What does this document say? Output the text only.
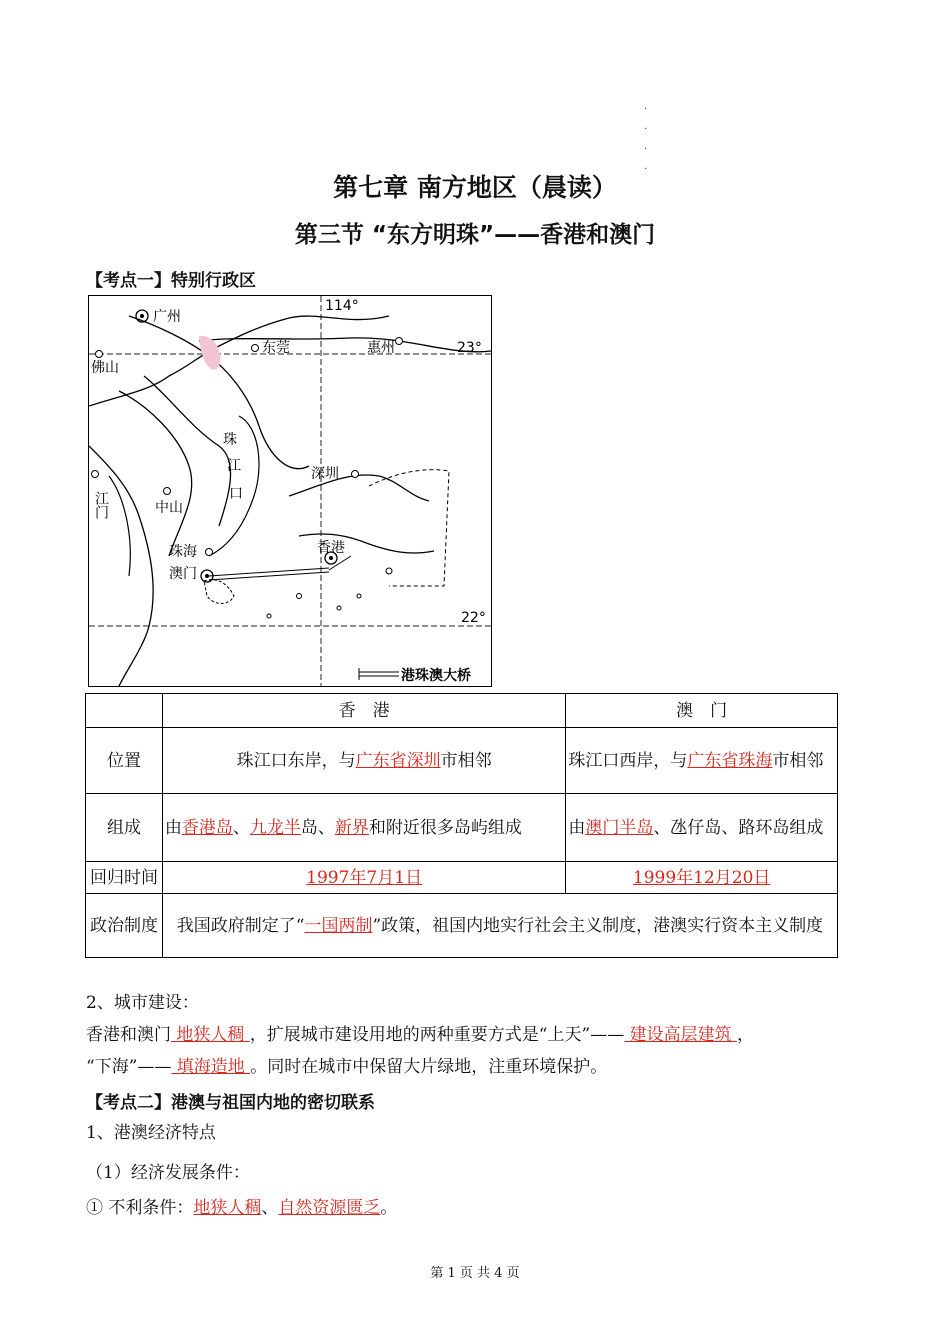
·
·
·
·
第七章 南方地区（晨读）
第三节 “东方明珠”——香港和澳门
【考点一】特别行政区
广州
东莞	惠州
佛山
江门	中山
珠海
澳门
香港
深圳
珠
江
口
114°
23°
22°
港珠澳大桥
	香　港	澳　门
位置	珠江口东岸，与广东省深圳市相邻	珠江口西岸，与广东省珠海市相邻
组成	由香港岛、九龙半岛、新界和附近很多岛屿组成	由澳门半岛、氹仔岛、路环岛组成
回归时间	1997年7月1日	1999年12月20日
政治制度	我国政府制定了“一国两制”政策，祖国内地实行社会主义制度，港澳实行资本主义制度	
2、城市建设：
香港和澳门 地狭人稠 ，扩展城市建设用地的两种重要方式是“上天”—— 建设高层建筑 ，
“下海”—— 填海造地 。同时在城市中保留大片绿地，注重环境保护。
【考点二】港澳与祖国内地的密切联系
1、港澳经济特点
（1）经济发展条件：
① 不利条件：地狭人稠、自然资源匮乏。
第 1 页 共 4 页
